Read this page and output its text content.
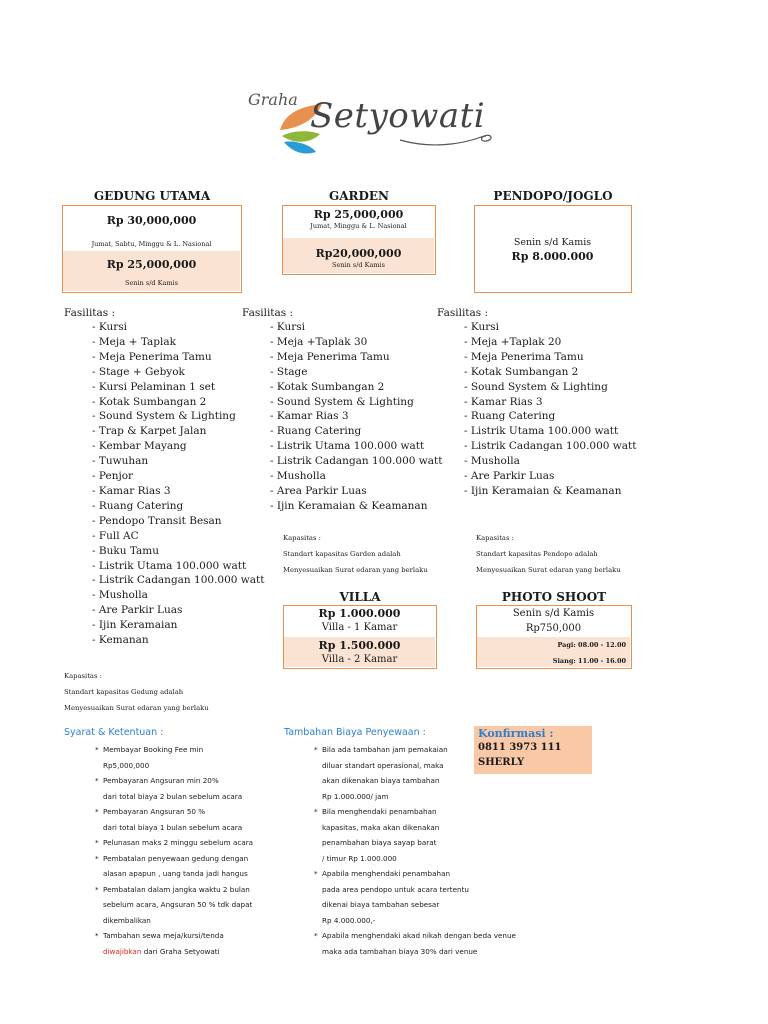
Graha Setyowati
GEDUNG UTAMA	GARDEN	PENDOPO/JOGLO
Rp 30,000,000
Jumat, Sabtu, Minggu & L. Nasional
Rp 25,000,000
Senin s/d Kamis
Rp 25,000,000
Jumat, Minggu & L. Nasional
Rp20,000,000
Senin s/d Kamis
Senin s/d Kamis
Rp 8.000.000
Fasilitas :	Fasilitas :	Fasilitas :
- Kursi
- Meja + Taplak
- Meja Penerima Tamu
- Stage + Gebyok
- Kursi Pelaminan 1 set
- Kotak Sumbangan 2
- Sound System & Lighting
- Trap & Karpet Jalan
- Kembar Mayang
- Tuwuhan
- Penjor
- Kamar Rias 3
- Ruang Catering
- Pendopo Transit Besan
- Full AC
- Buku Tamu
- Listrik Utama 100.000 watt
- Listrik Cadangan 100.000 watt
- Musholla
- Are Parkir Luas
- Ijin Keramaian
- Kemanan
- Kursi
- Meja +Taplak 30
- Meja Penerima Tamu
- Stage
- Kotak Sumbangan 2
- Sound System & Lighting
- Kamar Rias 3
- Ruang Catering
- Listrik Utama 100.000 watt
- Listrik Cadangan 100.000 watt
- Musholla
- Area Parkir Luas
- Ijin Keramaian & Keamanan
- Kursi
- Meja +Taplak 20
- Meja Penerima Tamu
- Kotak Sumbangan 2
- Sound System & Lighting
- Kamar Rias 3
- Ruang Catering
- Listrik Utama 100.000 watt
- Listrik Cadangan 100.000 watt
- Musholla
- Are Parkir Luas
- Ijin Keramaian & Keamanan
Kapasitas :
Standart kapasitas Garden adalah
Menyesuaikan Surat edaran yang berlaku
Kapasitas :
Standart kapasitas Pendopo adalah
Menyesuaikan Surat edaran yang berlaku
Kapasitas :
Standart kapasitas Gedung adalah
Menyesuaikan Surat edaran yang berlaku
VILLA
Rp 1.000.000
Villa - 1 Kamar
Rp 1.500.000
Villa - 2 Kamar
PHOTO SHOOT
Senin s/d Kamis
Rp750,000
Pagi: 08.00 - 12.00
Siang: 11.00 - 16.00
Syarat & Ketentuan :
* Membayar Booking Fee min
Rp5,000,000
* Pembayaran Angsuran min 20%
dari total biaya 2 bulan sebelum acara
* Pembayaran Angsuran 50 %
dari total biaya 1 bulan sebelum acara
* Pelunasan maks 2 minggu sebelum acara
* Pembatalan penyewaan gedung dengan
alasan apapun , uang tanda jadi hangus
* Pembatalan dalam jangka waktu 2 bulan
sebelum acara, Angsuran 50 % tdk dapat
dikembalikan
* Tambahan sewa meja/kursi/tenda
diwajibkan dari Graha Setyowati
Tambahan Biaya Penyewaan :
* Bila ada tambahan jam pemakaian
diluar standart operasional, maka
akan dikenakan biaya tambahan
Rp 1.000.000/ jam
* Bila menghendaki penambahan
kapasitas, maka akan dikenakan
penambahan biaya sayap barat
/ timur Rp 1.000.000
* Apabila menghendaki penambahan
pada area pendopo untuk acara tertentu
dikenai biaya tambahan sebesar
Rp 4.000.000,-
* Apabila menghendaki akad nikah dengan beda venue
maka ada tambahan biaya 30% dari venue
Konfirmasi :
0811 3973 111
SHERLY
